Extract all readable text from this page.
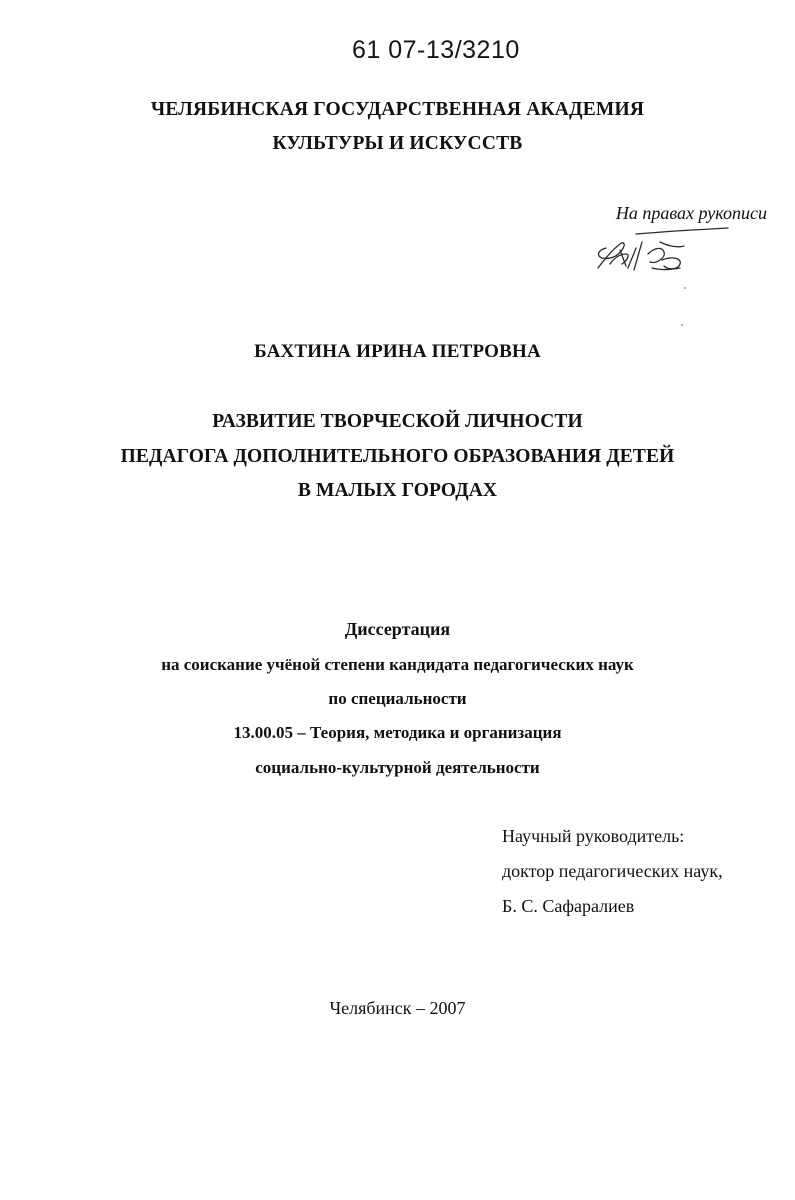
61 07-13/3210
ЧЕЛЯБИНСКАЯ ГОСУДАРСТВЕННАЯ АКАДЕМИЯ
КУЛЬТУРЫ И ИСКУССТВ
На правах рукописи
БАХТИНА ИРИНА ПЕТРОВНА
РАЗВИТИЕ ТВОРЧЕСКОЙ ЛИЧНОСТИ
ПЕДАГОГА ДОПОЛНИТЕЛЬНОГО ОБРАЗОВАНИЯ ДЕТЕЙ
В МАЛЫХ ГОРОДАХ
Диссертация
на соискание учёной степени кандидата педагогических наук
по специальности
13.00.05 – Теория, методика и организация
социально-культурной деятельности
Научный руководитель:
доктор педагогических наук,
Б. С. Сафаралиев
Челябинск – 2007
